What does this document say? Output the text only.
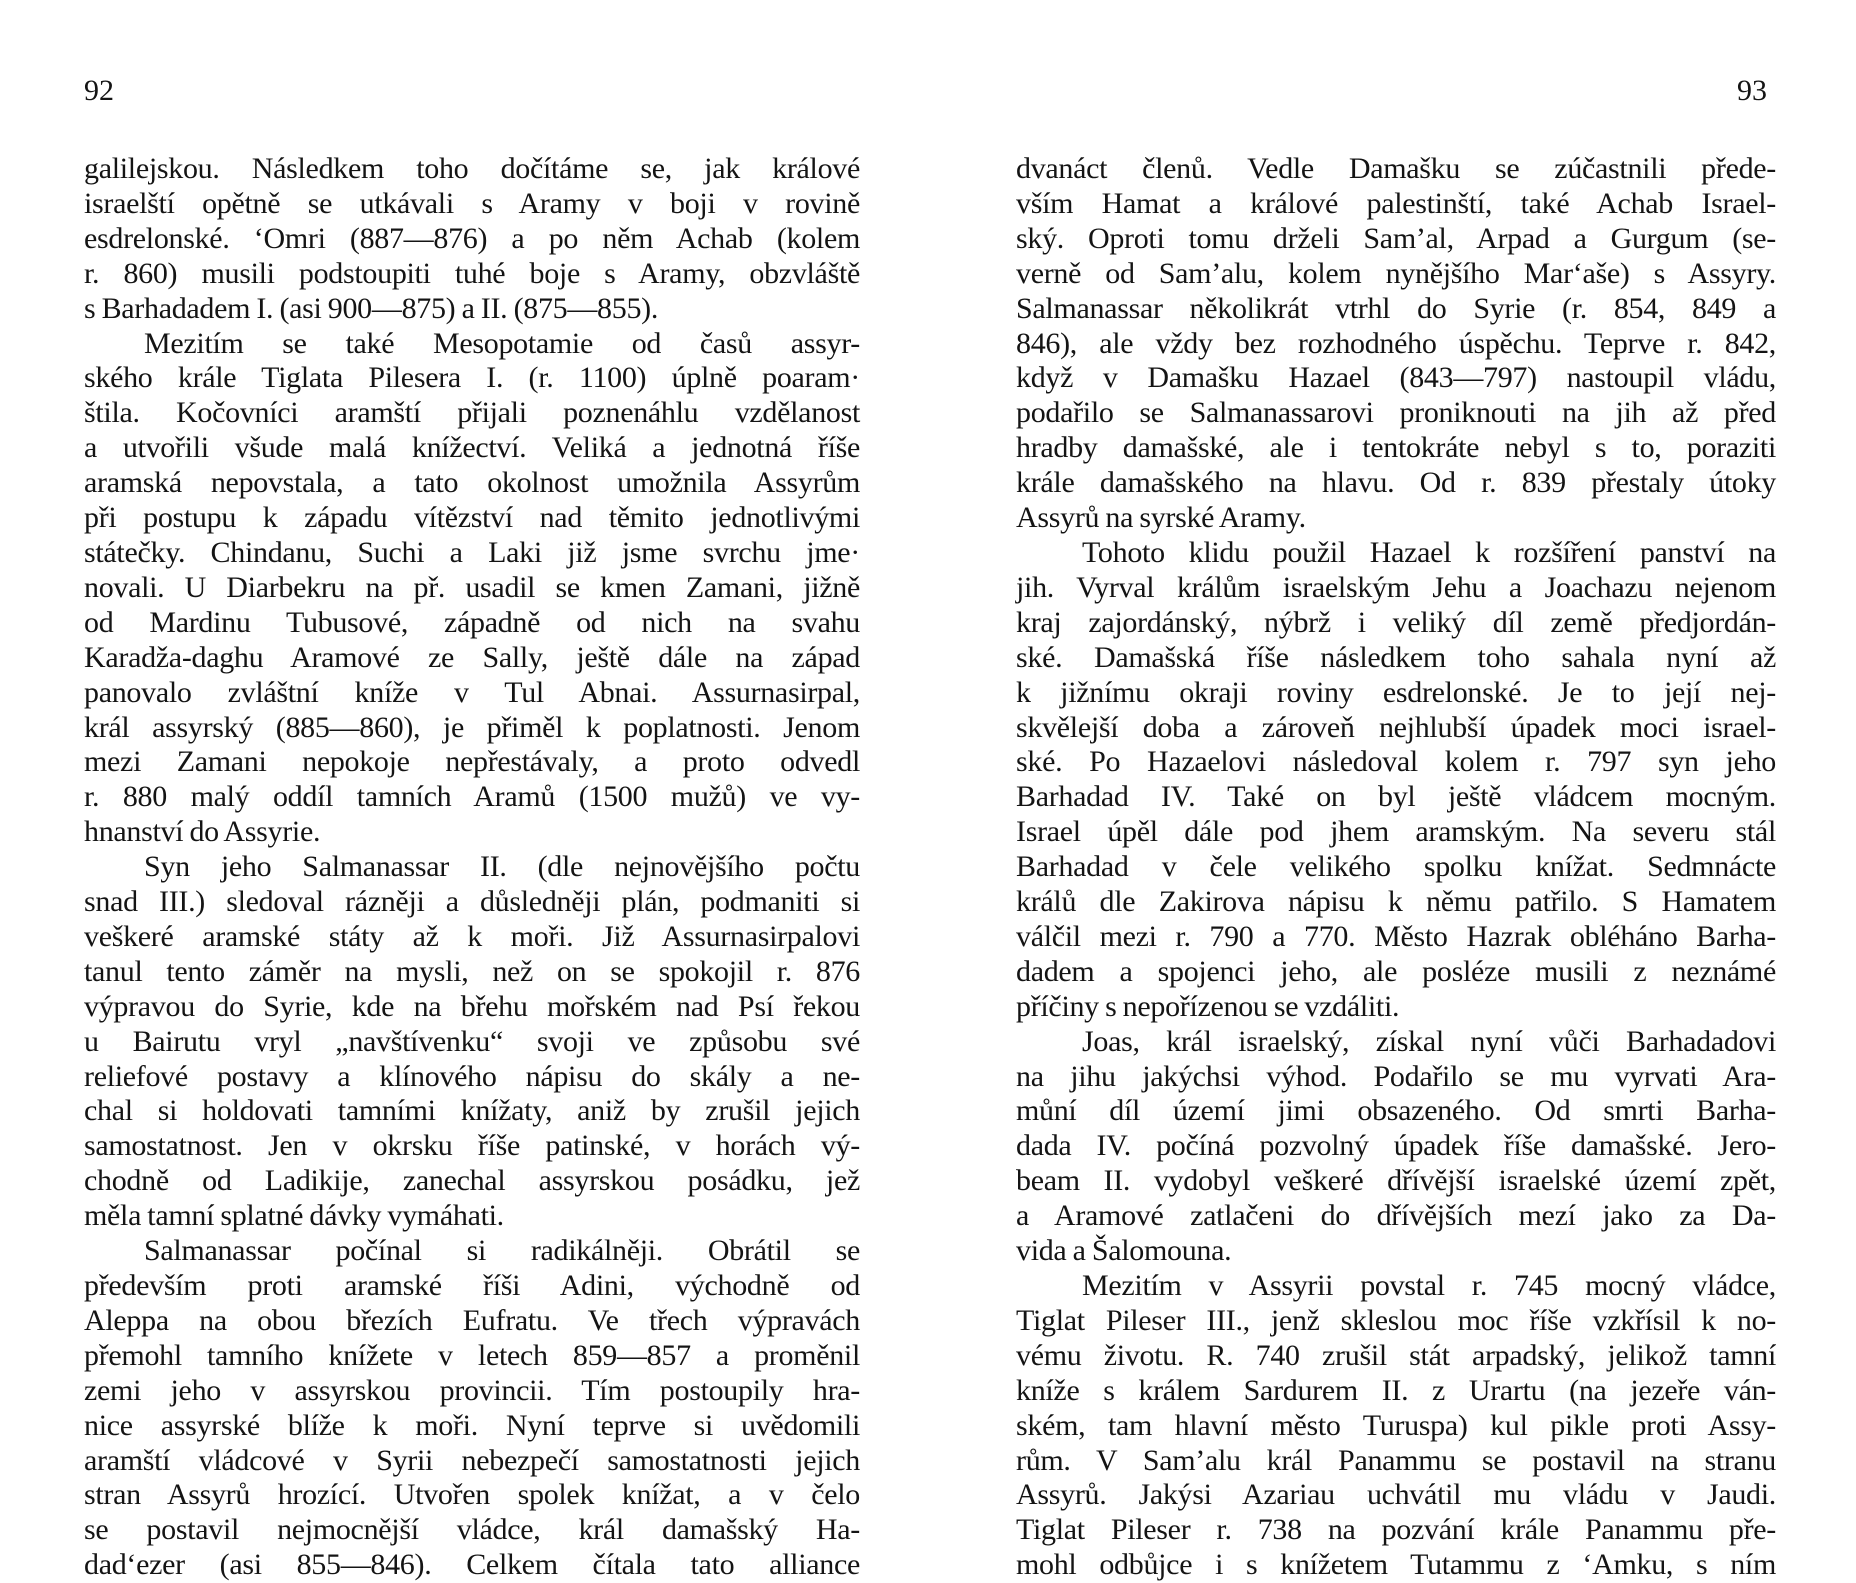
92	93

galilejskou. Následkem toho dočítáme se, jak králové

israelští opětně se utkávali s Aramy v boji v rovině

esdrelonské. ‘Omri (887—876) a po něm Achab (kolem

r. 860) musili podstoupiti tuhé boje s Aramy, obzvláště

s Barhadadem I. (asi 900—875) a II. (875—855).

Mezitím se také Mesopotamie od časů assyr-

ského krále Tiglata Pilesera I. (r. 1100) úplně poaram·

štila. Kočovníci aramští přijali poznenáhlu vzdělanost

a utvořili všude malá knížectví. Veliká a jednotná říše

aramská nepovstala, a tato okolnost umožnila Assyrům

při postupu k západu vítězství nad těmito jednotlivými

státečky. Chindanu, Suchi a Laki již jsme svrchu jme·

novali. U Diarbekru na př. usadil se kmen Zamani, jižně

od Mardinu Tubusové, západně od nich na svahu

Karadža-daghu Aramové ze Sally, ještě dále na západ

panovalo zvláštní kníže v Tul Abnai. Assurnasirpal,

král assyrský (885—860), je přiměl k poplatnosti. Jenom

mezi Zamani nepokoje nepřestávaly, a proto odvedl

r. 880 malý oddíl tamních Aramů (1500 mužů) ve vy-

hnanství do Assyrie.

Syn jeho Salmanassar II. (dle nejnovějšího počtu

snad III.) sledoval rázněji a důsledněji plán, podmaniti si

veškeré aramské státy až k moři. Již Assurnasirpalovi

tanul tento záměr na mysli, než on se spokojil r. 876

výpravou do Syrie, kde na břehu mořském nad Psí řekou

u Bairutu vryl „navštívenku“ svoji ve způsobu své

reliefové postavy a klínového nápisu do skály a ne-

chal si holdovati tamními knížaty, aniž by zrušil jejich

samostatnost. Jen v okrsku říše patinské, v horách vý-

chodně od Ladikije, zanechal assyrskou posádku, jež

měla tamní splatné dávky vymáhati.

Salmanassar počínal si radikálněji. Obrátil se

především proti aramské říši Adini, východně od

Aleppa na obou březích Eufratu. Ve třech výpravách

přemohl tamního knížete v letech 859—857 a proměnil

zemi jeho v assyrskou provincii. Tím postoupily hra-

nice assyrské blíže k moři. Nyní teprve si uvědomili

aramští vládcové v Syrii nebezpečí samostatnosti jejich

stran Assyrů hrozící. Utvořen spolek knížat, a v čelo

se postavil nejmocnější vládce, král damašský Ha-

dad‘ezer (asi 855—846). Celkem čítala tato alliance

dvanáct členů. Vedle Damašku se zúčastnili přede-

vším Hamat a králové palestinští, také Achab Israel-

ský. Oproti tomu drželi Sam’al, Arpad a Gurgum (se-

verně od Sam’alu, kolem nynějšího Mar‘aše) s Assyry.

Salmanassar několikrát vtrhl do Syrie (r. 854, 849 a

846), ale vždy bez rozhodného úspěchu. Teprve r. 842,

když v Damašku Hazael (843—797) nastoupil vládu,

podařilo se Salmanassarovi proniknouti na jih až před

hradby damašské, ale i tentokráte nebyl s to, poraziti

krále damašského na hlavu. Od r. 839 přestaly útoky

Assyrů na syrské Aramy.

Tohoto klidu použil Hazael k rozšíření panství na

jih. Vyrval králům israelským Jehu a Joachazu nejenom

kraj zajordánský, nýbrž i veliký díl země předjordán-

ské. Damašská říše následkem toho sahala nyní až

k jižnímu okraji roviny esdrelonské. Je to její nej-

skvělejší doba a zároveň nejhlubší úpadek moci israel-

ské. Po Hazaelovi následoval kolem r. 797 syn jeho

Barhadad IV. Také on byl ještě vládcem mocným.

Israel úpěl dále pod jhem aramským. Na severu stál

Barhadad v čele velikého spolku knížat. Sedmnácte

králů dle Zakirova nápisu k němu patřilo. S Hamatem

válčil mezi r. 790 a 770. Město Hazrak obléháno Barha-

dadem a spojenci jeho, ale posléze musili z neznámé

příčiny s nepořízenou se vzdáliti.

Joas, král israelský, získal nyní vůči Barhadadovi

na jihu jakýchsi výhod. Podařilo se mu vyrvati Ara-

můní díl území jimi obsazeného. Od smrti Barha-

dada IV. počíná pozvolný úpadek říše damašské. Jero-

beam II. vydobyl veškeré dřívější israelské území zpět,

a Aramové zatlačeni do dřívějších mezí jako za Da-

vida a Šalomouna.

Mezitím v Assyrii povstal r. 745 mocný vládce,

Tiglat Pileser III., jenž skleslou moc říše vzkřísil k no-

vému životu. R. 740 zrušil stát arpadský, jelikož tamní

kníže s králem Sardurem II. z Urartu (na jezeře ván-

ském, tam hlavní město Turuspa) kul pikle proti Assy-

rům. V Sam’alu král Panammu se postavil na stranu

Assyrů. Jakýsi Azariau uchvátil mu vládu v Jaudi.

Tiglat Pileser r. 738 na pozvání krále Panammu pře-

mohl odbůjce i s knížetem Tutammu z ‘Amku, s ním
